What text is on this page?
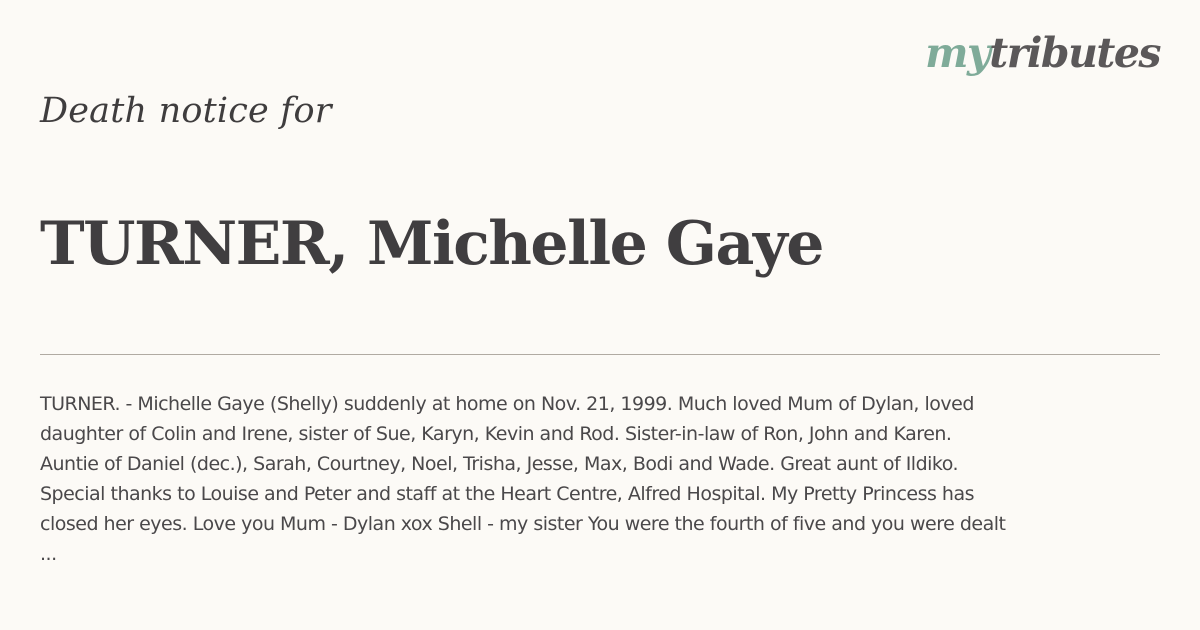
mytributes
Death notice for
TURNER, Michelle Gaye

TURNER. - Michelle Gaye (Shelly) suddenly at home on Nov. 21, 1999. Much loved Mum of Dylan, loved
daughter of Colin and Irene, sister of Sue, Karyn, Kevin and Rod. Sister-in-law of Ron, John and Karen.
Auntie of Daniel (dec.), Sarah, Courtney, Noel, Trisha, Jesse, Max, Bodi and Wade. Great aunt of Ildiko.
Special thanks to Louise and Peter and staff at the Heart Centre, Alfred Hospital. My Pretty Princess has
closed her eyes. Love you Mum - Dylan xox Shell - my sister You were the fourth of five and you were dealt
...
